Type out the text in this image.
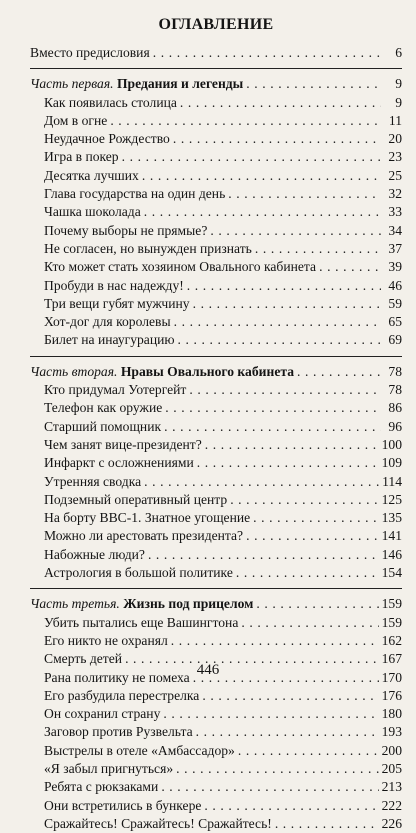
ОГЛАВЛЕНИЕ
Вместо предисловия . . .	6
Часть первая. Предания и легенды . . .	9
Как появилась столица . . .	9
Дом в огне . . .	11
Неудачное Рождество . . .	20
Игра в покер . . .	23
Десятка лучших . . .	25
Глава государства на один день . . .	32
Чашка шоколада . . .	33
Почему выборы не прямые? . . .	34
Не согласен, но вынужден признать . . .	37
Кто может стать хозяином Овального кабинета . . .	39
Пробуди в нас надежду! . . .	46
Три вещи губят мужчину . . .	59
Хот-дог для королевы . . .	65
Билет на инаугурацию . . .	69
Часть вторая. Нравы Овального кабинета . . .	78
Кто придумал Уотергейт . . .	78
Телефон как оружие . . .	86
Старший помощник . . .	96
Чем занят вице-президент? . . .	100
Инфаркт с осложнениями . . .	109
Утренняя сводка . . .	114
Подземный оперативный центр . . .	125
На борту ВВС-1. Знатное угощение . . .	135
Можно ли арестовать президента? . . .	141
Набожные люди? . . .	146
Астрология в большой политике . . .	154
Часть третья. Жизнь под прицелом . . .	159
Убить пытались еще Вашингтона . . .	159
Его никто не охранял . . .	162
Смерть детей . . .	167
Рана политику не помеха . . .	170
Его разбудила перестрелка . . .	176
Он сохранил страну . . .	180
Заговор против Рузвельта . . .	193
Выстрелы в отеле «Амбассадор» . . .	200
«Я забыл пригнуться» . . .	205
Ребята с рюкзаками . . .	213
Они встретились в бункере . . .	222
Сражайтесь! Сражайтесь! Сражайтесь! . . .	226
446
